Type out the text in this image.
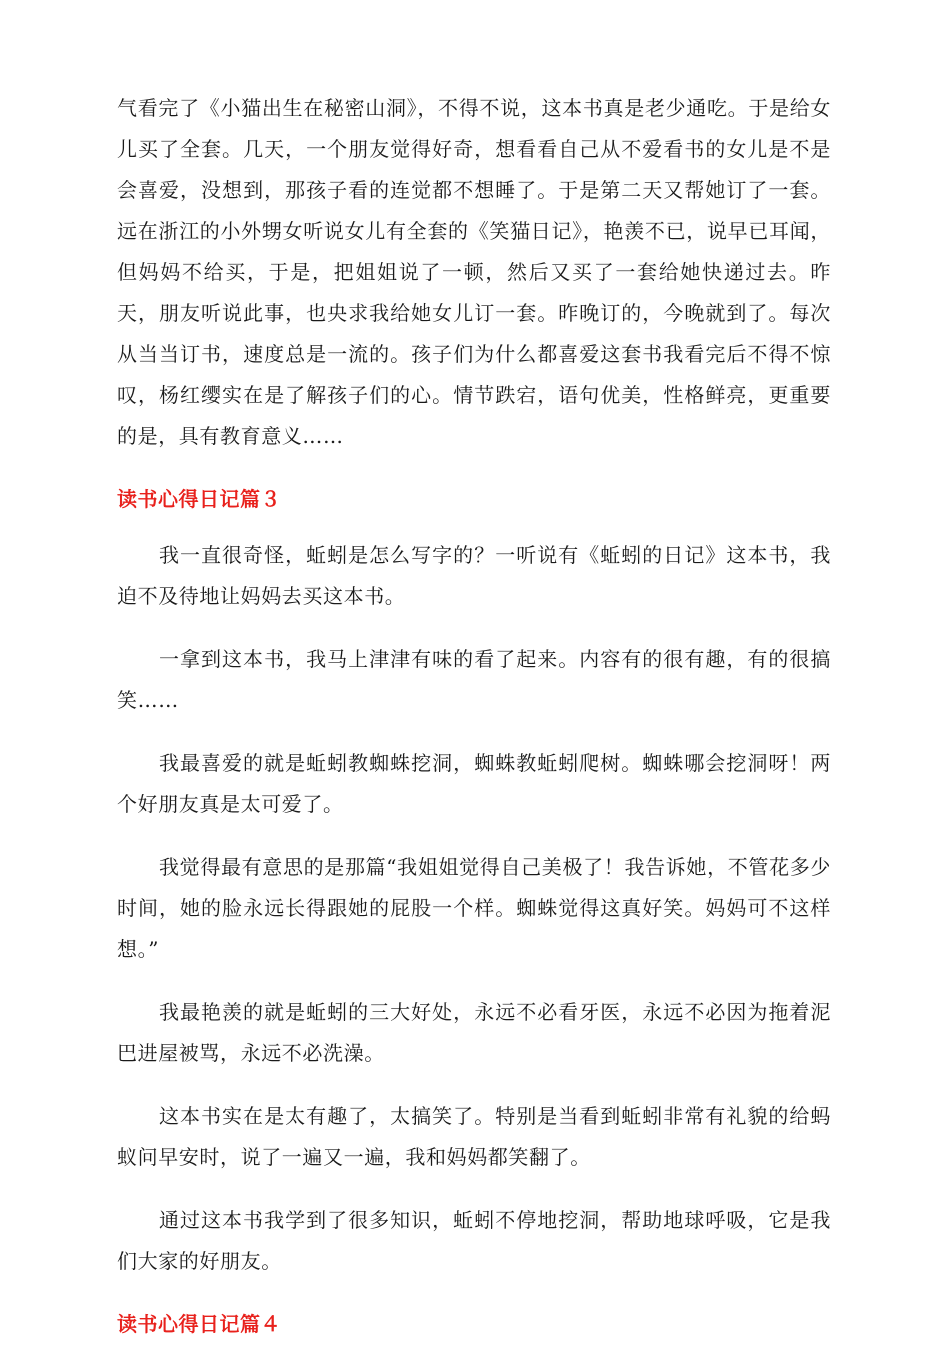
气看完了《小猫出生在秘密山洞》，不得不说，这本书真是老少通吃。于是给女儿买了全套。几天，一个朋友觉得好奇，想看看自己从不爱看书的女儿是不是会喜爱，没想到，那孩子看的连觉都不想睡了。于是第二天又帮她订了一套。远在浙江的小外甥女听说女儿有全套的《笑猫日记》，艳羡不已，说早已耳闻，但妈妈不给买，于是，把姐姐说了一顿，然后又买了一套给她快递过去。昨天，朋友听说此事，也央求我给她女儿订一套。昨晚订的，今晚就到了。每次从当当订书，速度总是一流的。孩子们为什么都喜爱这套书我看完后不得不惊叹，杨红缨实在是了解孩子们的心。情节跌宕，语句优美，性格鲜亮，更重要的是，具有教育意义……

读书心得日记篇３

我一直很奇怪，蚯蚓是怎么写字的？一听说有《蚯蚓的日记》这本书，我迫不及待地让妈妈去买这本书。

一拿到这本书，我马上津津有味的看了起来。内容有的很有趣，有的很搞笑……

我最喜爱的就是蚯蚓教蜘蛛挖洞，蜘蛛教蚯蚓爬树。蜘蛛哪会挖洞呀！两个好朋友真是太可爱了。

我觉得最有意思的是那篇“我姐姐觉得自己美极了！我告诉她，不管花多少时间，她的脸永远长得跟她的屁股一个样。蜘蛛觉得这真好笑。妈妈可不这样想。”

我最艳羡的就是蚯蚓的三大好处，永远不必看牙医，永远不必因为拖着泥巴进屋被骂，永远不必洗澡。

这本书实在是太有趣了，太搞笑了。特别是当看到蚯蚓非常有礼貌的给蚂蚁问早安时，说了一遍又一遍，我和妈妈都笑翻了。

通过这本书我学到了很多知识，蚯蚓不停地挖洞，帮助地球呼吸，它是我们大家的好朋友。

读书心得日记篇４
